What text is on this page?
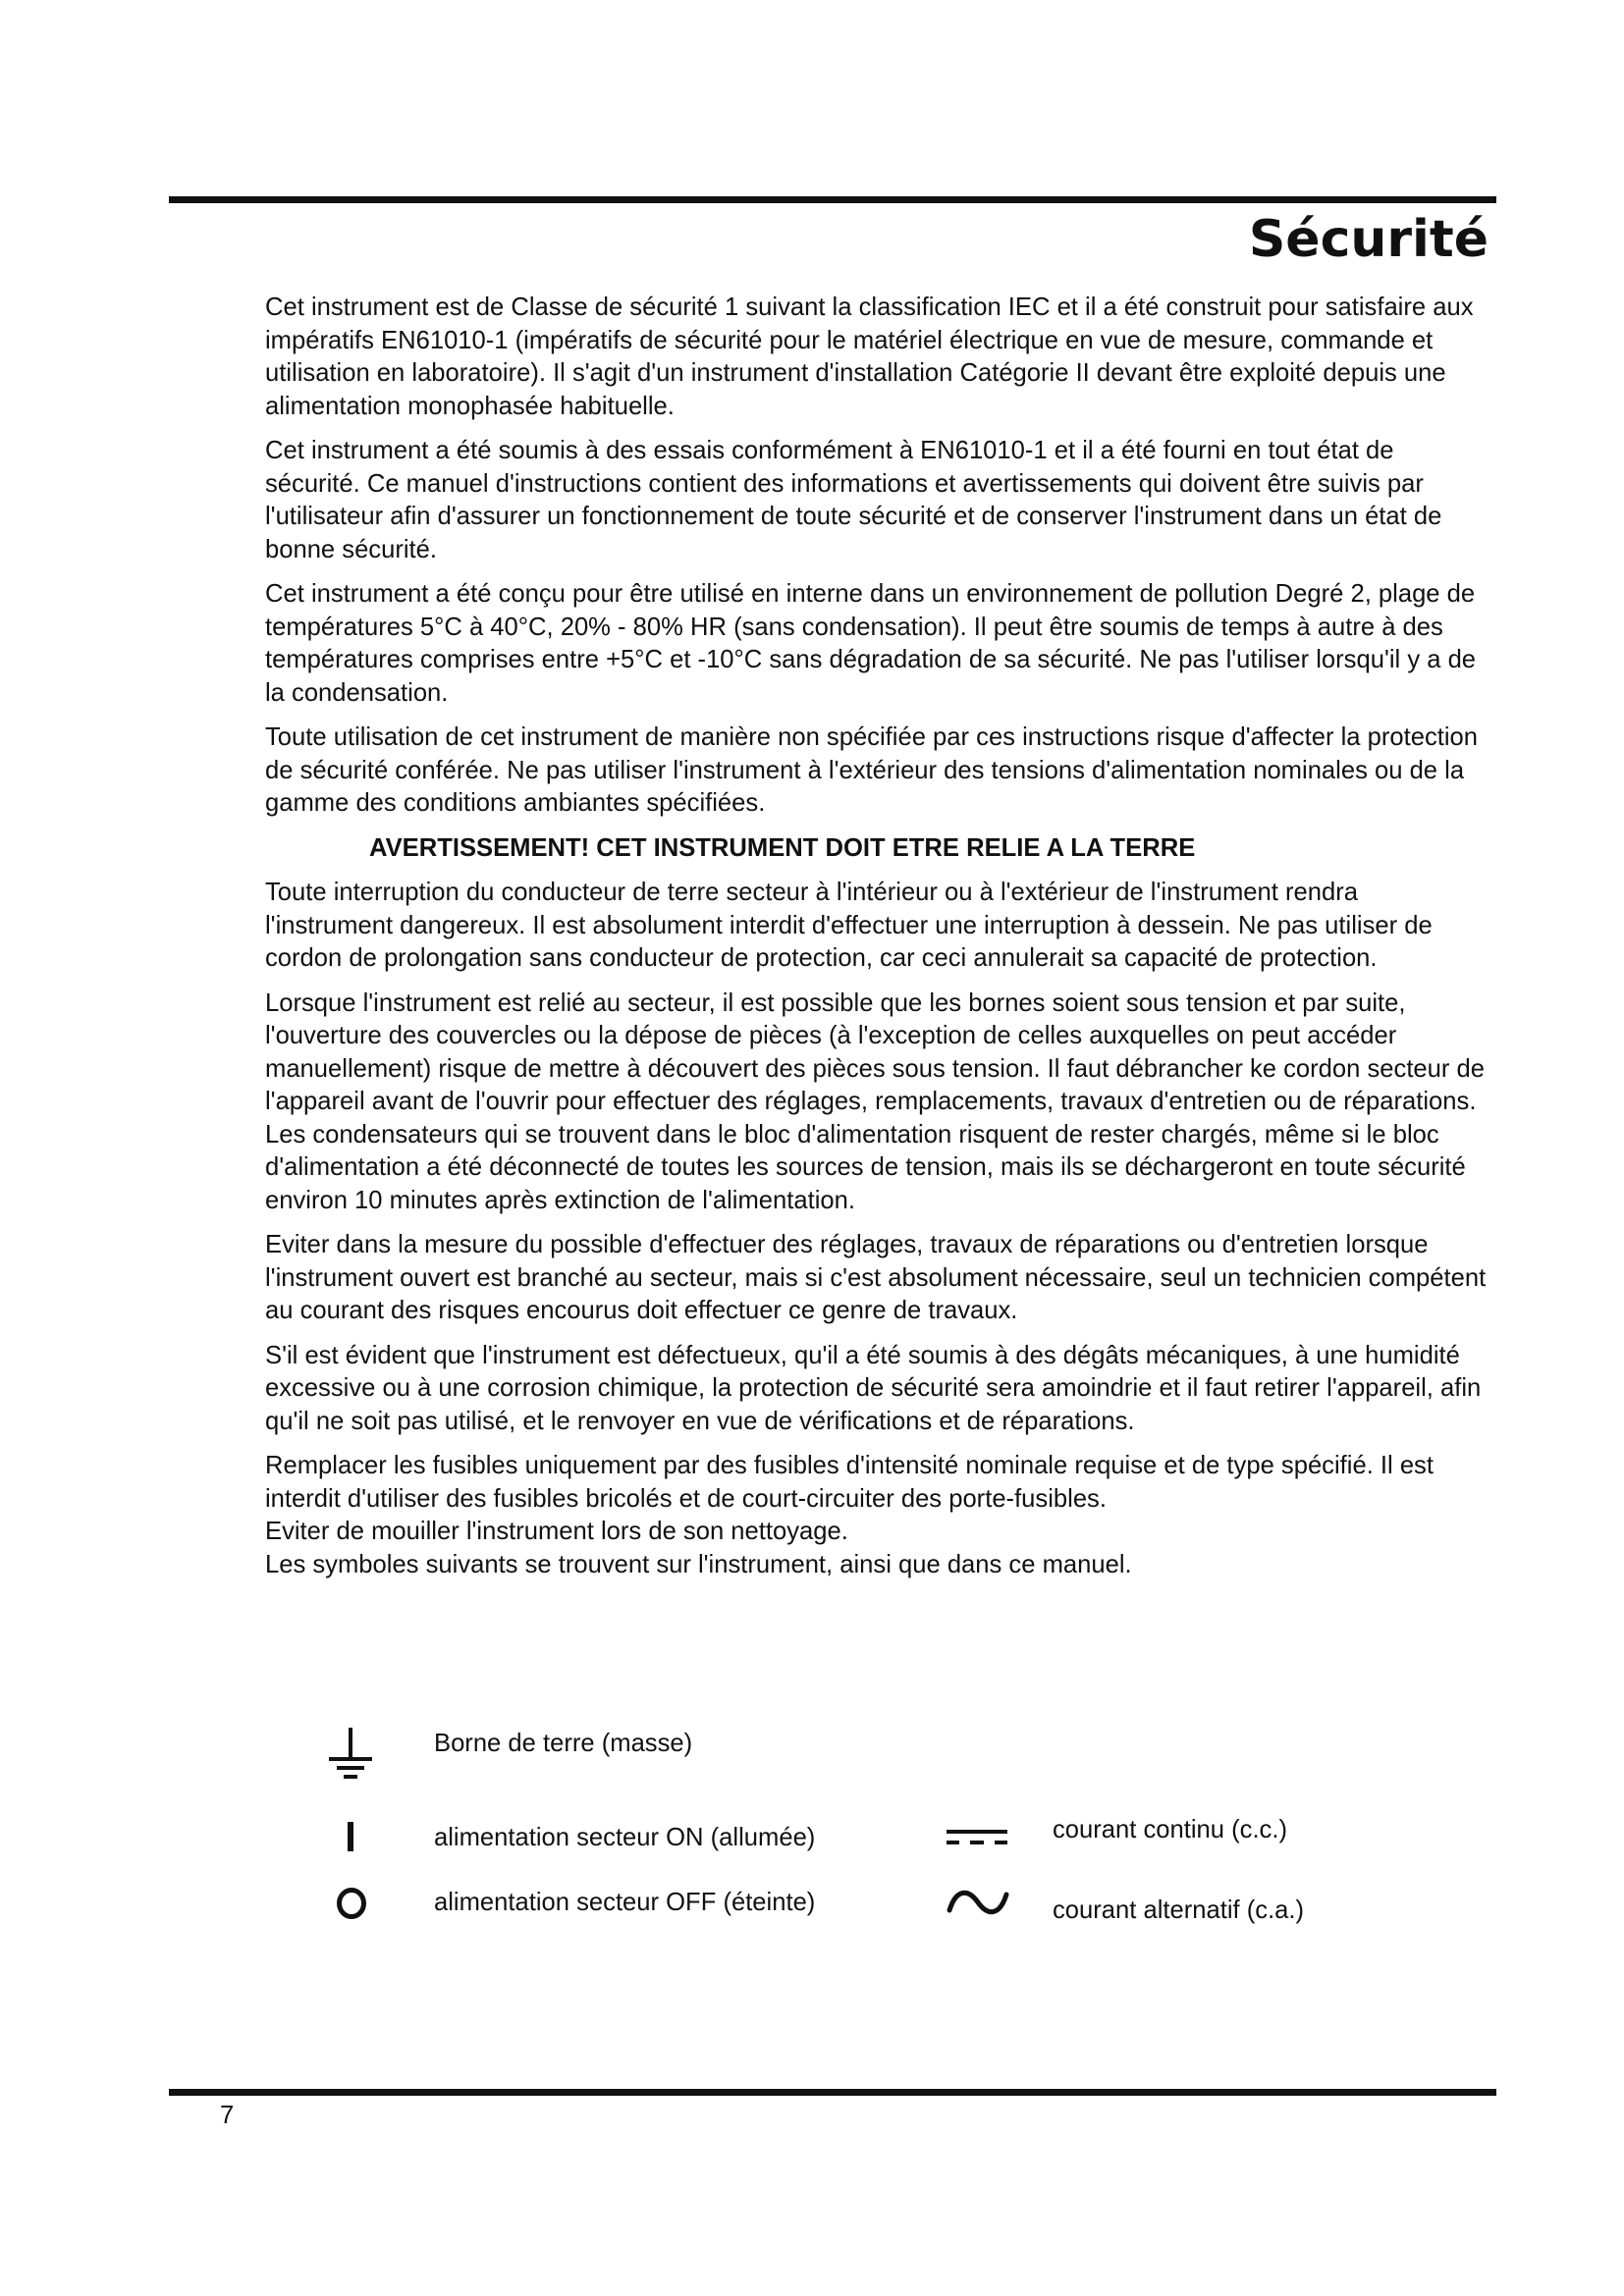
Sécurité

Cet instrument est de Classe de sécurité 1 suivant la classification IEC et il a été construit pour satisfaire aux impératifs EN61010-1 (impératifs de sécurité pour le matériel électrique en vue de mesure, commande et utilisation en laboratoire). Il s'agit d'un instrument d'installation Catégorie II devant être exploité depuis une alimentation monophasée habituelle.

Cet instrument a été soumis à des essais conformément à EN61010-1 et il a été fourni en tout état de sécurité. Ce manuel d'instructions contient des informations et avertissements qui doivent être suivis par l'utilisateur afin d'assurer un fonctionnement de toute sécurité et de conserver l'instrument dans un état de bonne sécurité.

Cet instrument a été conçu pour être utilisé en interne dans un environnement de pollution Degré 2, plage de températures 5°C à 40°C, 20% - 80% HR (sans condensation). Il peut être soumis de temps à autre à des températures comprises entre +5°C et -10°C sans dégradation de sa sécurité. Ne pas l'utiliser lorsqu'il y a de la condensation.

Toute utilisation de cet instrument de manière non spécifiée par ces instructions risque d'affecter la protection de sécurité conférée. Ne pas utiliser l'instrument à l'extérieur des tensions d'alimentation nominales ou de la gamme des conditions ambiantes spécifiées.

AVERTISSEMENT! CET INSTRUMENT DOIT ETRE RELIE A LA TERRE

Toute interruption du conducteur de terre secteur à l'intérieur ou à l'extérieur de l'instrument rendra l'instrument dangereux. Il est absolument interdit d'effectuer une interruption à dessein. Ne pas utiliser de cordon de prolongation sans conducteur de protection, car ceci annulerait sa capacité de protection.

Lorsque l'instrument est relié au secteur, il est possible que les bornes soient sous tension et par suite, l'ouverture des couvercles ou la dépose de pièces (à l'exception de celles auxquelles on peut accéder manuellement) risque de mettre à découvert des pièces sous tension. Il faut débrancher ke cordon secteur de l'appareil avant de l'ouvrir pour effectuer des réglages, remplacements, travaux d'entretien ou de réparations. Les condensateurs qui se trouvent dans le bloc d'alimentation risquent de rester chargés, même si le bloc d'alimentation a été déconnecté de toutes les sources de tension, mais ils se déchargeront en toute sécurité environ 10 minutes après extinction de l'alimentation.

Eviter dans la mesure du possible d'effectuer des réglages, travaux de réparations ou d'entretien lorsque l'instrument ouvert est branché au secteur, mais si c'est absolument nécessaire, seul un technicien compétent au courant des risques encourus doit effectuer ce genre de travaux.

S'il est évident que l'instrument est défectueux, qu'il a été soumis à des dégâts mécaniques, à une humidité excessive ou à une corrosion chimique, la protection de sécurité sera amoindrie et il faut retirer l'appareil, afin qu'il ne soit pas utilisé, et le renvoyer en vue de vérifications et de réparations.

Remplacer les fusibles uniquement par des fusibles d'intensité nominale requise et de type spécifié. Il est interdit d'utiliser des fusibles bricolés et de court-circuiter des porte-fusibles.

Eviter de mouiller l'instrument lors de son nettoyage.

Les symboles suivants se trouvent sur l'instrument, ainsi que dans ce manuel.

Borne de terre (masse)
alimentation secteur ON (allumée)
alimentation secteur OFF (éteinte)
courant continu (c.c.)
courant alternatif (c.a.)
7
